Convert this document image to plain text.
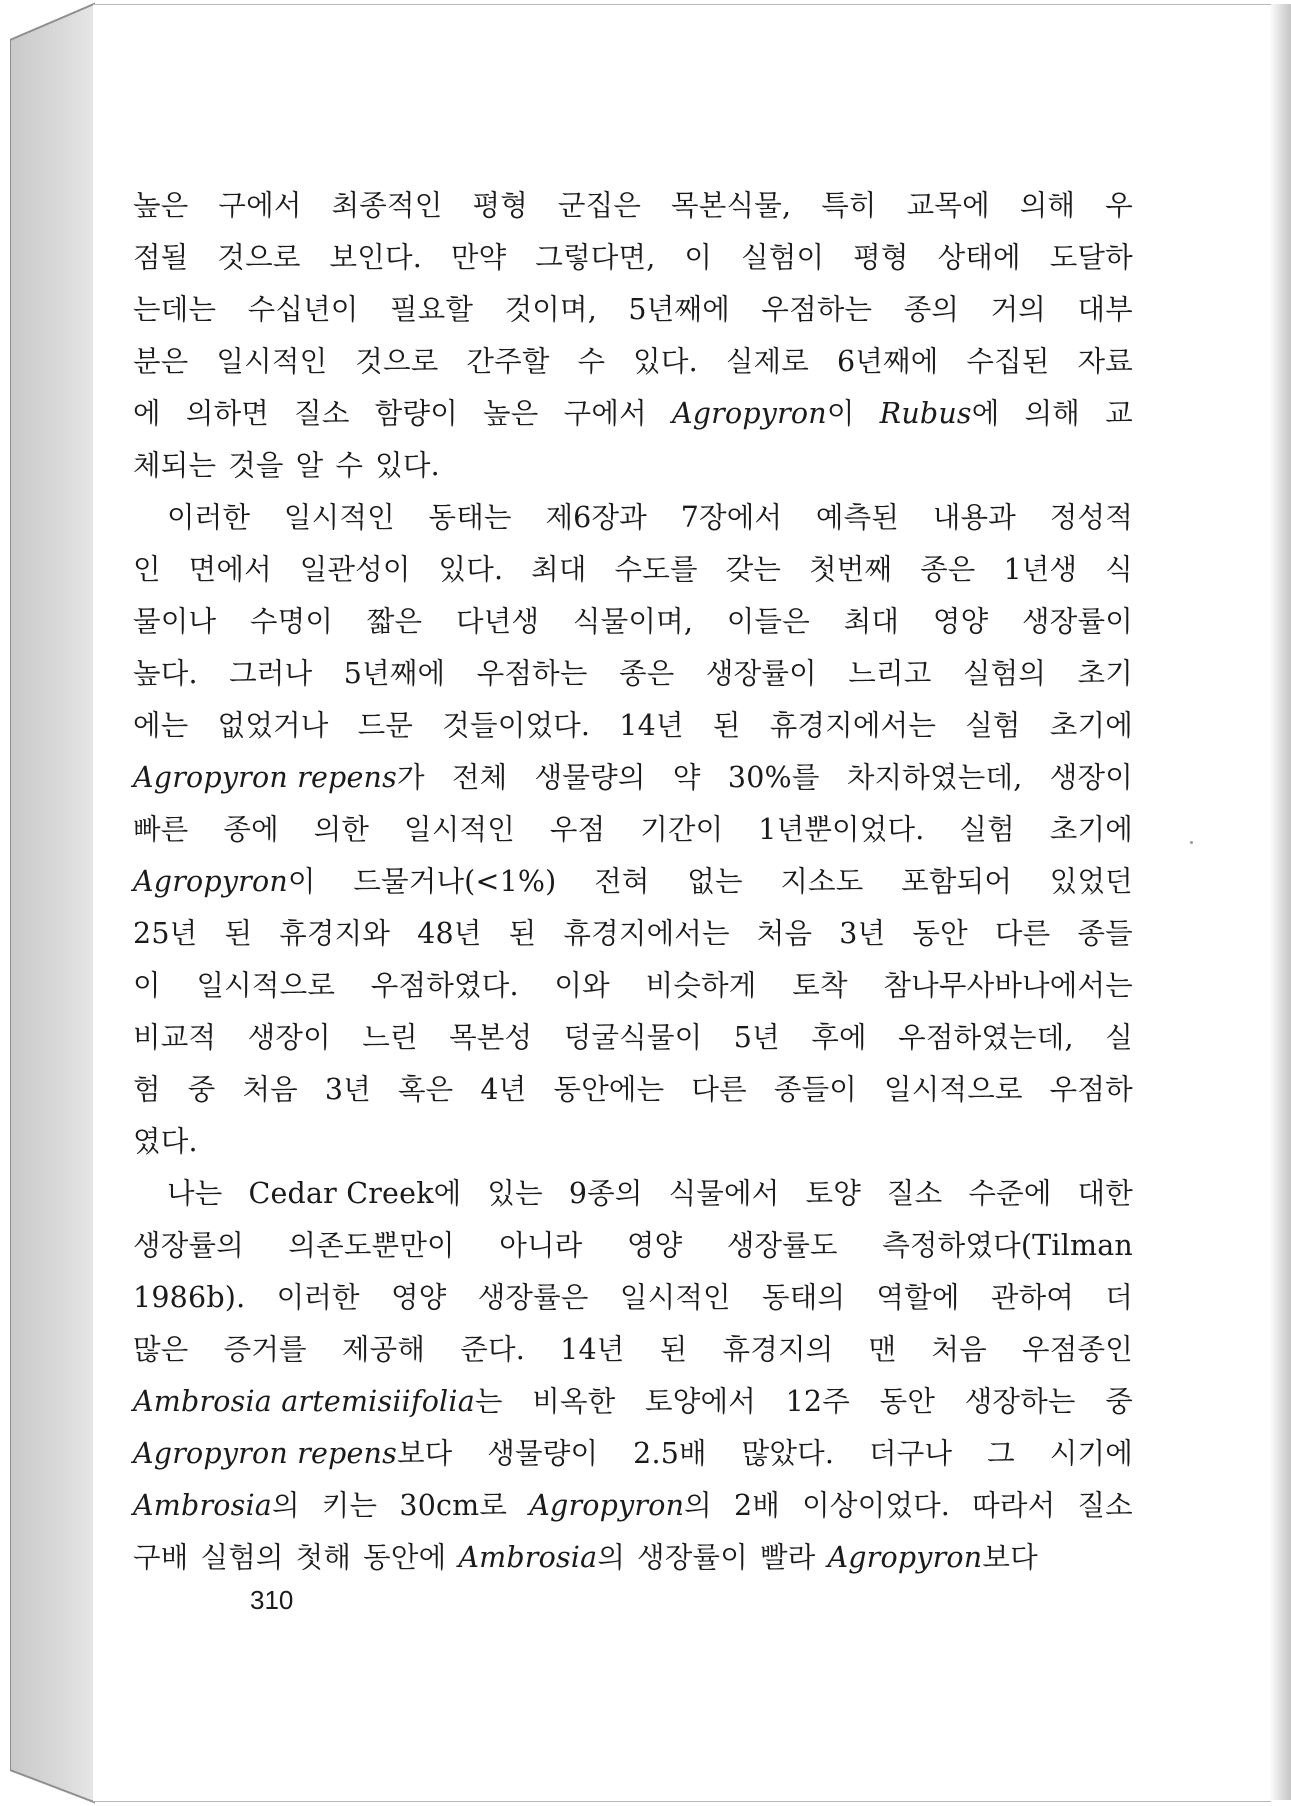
높은 구에서 최종적인 평형 군집은 목본식물, 특히 교목에 의해 우
점될 것으로 보인다. 만약 그렇다면, 이 실험이 평형 상태에 도달하
는데는 수십년이 필요할 것이며, 5년째에 우점하는 종의 거의 대부
분은 일시적인 것으로 간주할 수 있다. 실제로 6년째에 수집된 자료
에 의하면 질소 함량이 높은 구에서 Agropyron이 Rubus에 의해 교
체되는 것을 알 수 있다.
이러한 일시적인 동태는 제6장과 7장에서 예측된 내용과 정성적
인 면에서 일관성이 있다. 최대 수도를 갖는 첫번째 종은 1년생 식
물이나 수명이 짧은 다년생 식물이며, 이들은 최대 영양 생장률이
높다. 그러나 5년째에 우점하는 종은 생장률이 느리고 실험의 초기
에는 없었거나 드문 것들이었다. 14년 된 휴경지에서는 실험 초기에
Agropyron repens가 전체 생물량의 약 30%를 차지하였는데, 생장이
빠른 종에 의한 일시적인 우점 기간이 1년뿐이었다. 실험 초기에
Agropyron이 드물거나(<1%) 전혀 없는 지소도 포함되어 있었던
25년 된 휴경지와 48년 된 휴경지에서는 처음 3년 동안 다른 종들
이 일시적으로 우점하였다. 이와 비슷하게 토착 참나무사바나에서는
비교적 생장이 느린 목본성 덩굴식물이 5년 후에 우점하였는데, 실
험 중 처음 3년 혹은 4년 동안에는 다른 종들이 일시적으로 우점하
였다.
나는 Cedar Creek에 있는 9종의 식물에서 토양 질소 수준에 대한
생장률의 의존도뿐만이 아니라 영양 생장률도 측정하였다(Tilman
1986b). 이러한 영양 생장률은 일시적인 동태의 역할에 관하여 더
많은 증거를 제공해 준다. 14년 된 휴경지의 맨 처음 우점종인
Ambrosia artemisiifolia는 비옥한 토양에서 12주 동안 생장하는 중
Agropyron repens보다 생물량이 2.5배 많았다. 더구나 그 시기에
Ambrosia의 키는 30cm로 Agropyron의 2배 이상이었다. 따라서 질소
구배 실험의 첫해 동안에 Ambrosia의 생장률이 빨라 Agropyron보다
310
